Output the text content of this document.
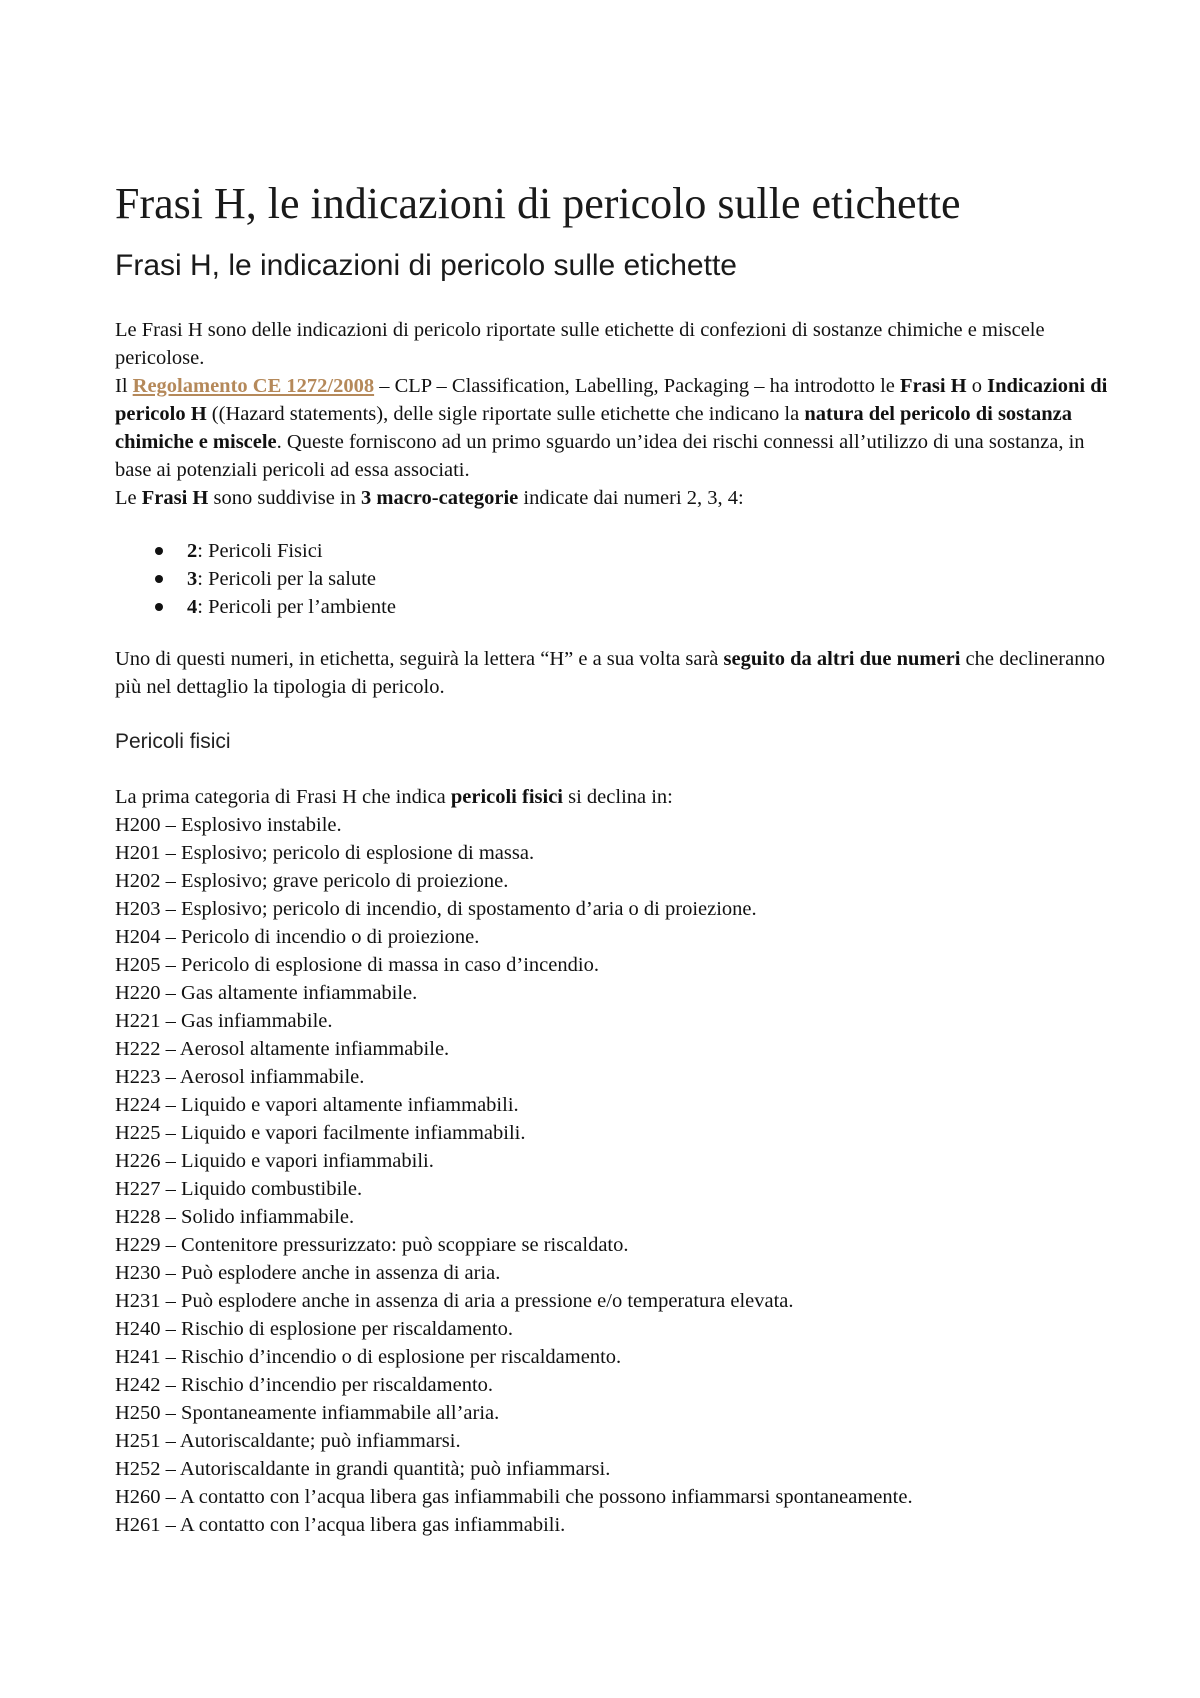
Frasi H, le indicazioni di pericolo sulle etichette
Frasi H, le indicazioni di pericolo sulle etichette

Le Frasi H sono delle indicazioni di pericolo riportate sulle etichette di confezioni di sostanze chimiche e miscele pericolose.

Il Regolamento CE 1272/2008 – CLP – Classification, Labelling, Packaging – ha introdotto le Frasi H o Indicazioni di pericolo H ((Hazard statements), delle sigle riportate sulle etichette che indicano la natura del pericolo di sostanza chimiche e miscele. Queste forniscono ad un primo sguardo un’idea dei rischi connessi all’utilizzo di una sostanza, in base ai potenziali pericoli ad essa associati.

Le Frasi H sono suddivise in 3 macro-categorie indicate dai numeri 2, 3, 4:

2: Pericoli Fisici
3: Pericoli per la salute
4: Pericoli per l’ambiente

Uno di questi numeri, in etichetta, seguirà la lettera “H” e a sua volta sarà seguito da altri due numeri che declineranno più nel dettaglio la tipologia di pericolo.

Pericoli fisici

La prima categoria di Frasi H che indica pericoli fisici si declina in:

H200 – Esplosivo instabile.
H201 – Esplosivo; pericolo di esplosione di massa.
H202 – Esplosivo; grave pericolo di proiezione.
H203 – Esplosivo; pericolo di incendio, di spostamento d’aria o di proiezione.
H204 – Pericolo di incendio o di proiezione.
H205 – Pericolo di esplosione di massa in caso d’incendio.
H220 – Gas altamente infiammabile.
H221 – Gas infiammabile.
H222 – Aerosol altamente infiammabile.
H223 – Aerosol infiammabile.
H224 – Liquido e vapori altamente infiammabili.
H225 – Liquido e vapori facilmente infiammabili.
H226 – Liquido e vapori infiammabili.
H227 – Liquido combustibile.
H228 – Solido infiammabile.
H229 – Contenitore pressurizzato: può scoppiare se riscaldato.
H230 – Può esplodere anche in assenza di aria.
H231 – Può esplodere anche in assenza di aria a pressione e/o temperatura elevata.
H240 – Rischio di esplosione per riscaldamento.
H241 – Rischio d’incendio o di esplosione per riscaldamento.
H242 – Rischio d’incendio per riscaldamento.
H250 – Spontaneamente infiammabile all’aria.
H251 – Autoriscaldante; può infiammarsi.
H252 – Autoriscaldante in grandi quantità; può infiammarsi.
H260 – A contatto con l’acqua libera gas infiammabili che possono infiammarsi spontaneamente.
H261 – A contatto con l’acqua libera gas infiammabili.
